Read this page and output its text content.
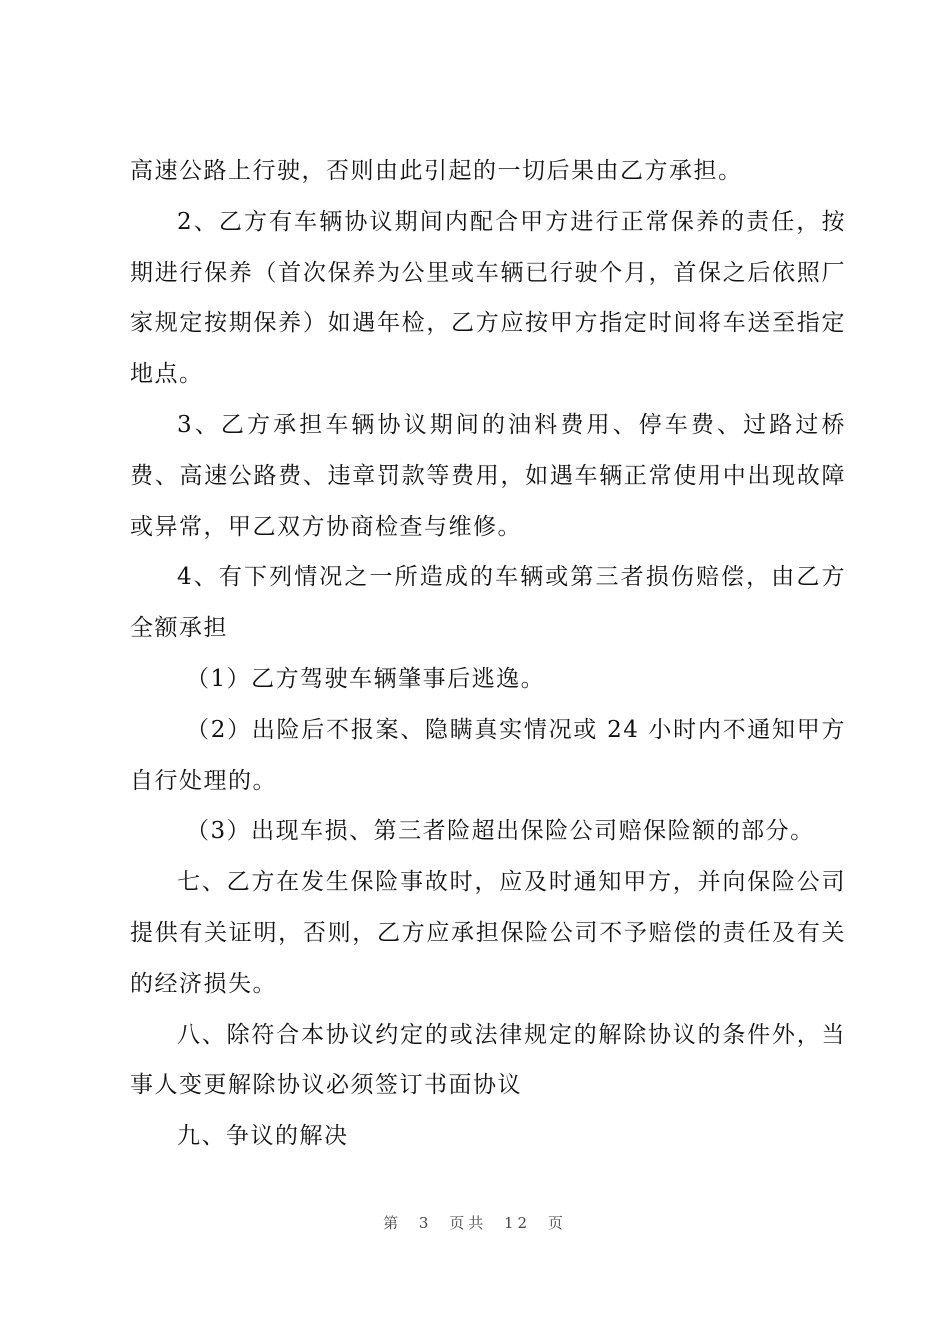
高速公路上行驶，否则由此引起的一切后果由乙方承担。

2、乙方有车辆协议期间内配合甲方进行正常保养的责任，按期进行保养（首次保养为公里或车辆已行驶个月，首保之后依照厂家规定按期保养）如遇年检，乙方应按甲方指定时间将车送至指定地点。

3、乙方承担车辆协议期间的油料费用、停车费、过路过桥费、高速公路费、违章罚款等费用，如遇车辆正常使用中出现故障或异常，甲乙双方协商检查与维修。

4、有下列情况之一所造成的车辆或第三者损伤赔偿，由乙方全额承担

（1）乙方驾驶车辆肇事后逃逸。

（2）出险后不报案、隐瞒真实情况或 24 小时内不通知甲方自行处理的。

（3）出现车损、第三者险超出保险公司赔保险额的部分。

七、乙方在发生保险事故时，应及时通知甲方，并向保险公司提供有关证明，否则，乙方应承担保险公司不予赔偿的责任及有关的经济损失。

八、除符合本协议约定的或法律规定的解除协议的条件外，当事人变更解除协议必须签订书面协议

九、争议的解决

第 3 页共 12 页
